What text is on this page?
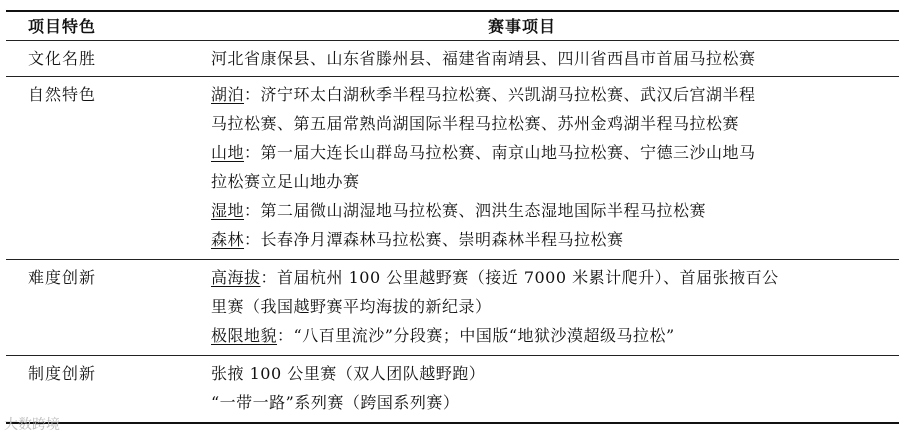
项目特色	赛事项目
文化名胜	河北省康保县、山东省滕州县、福建省南靖县、四川省西昌市首届马拉松赛
自然特色	湖泊：济宁环太白湖秋季半程马拉松赛、兴凯湖马拉松赛、武汉后宫湖半程
马拉松赛、第五届常熟尚湖国际半程马拉松赛、苏州金鸡湖半程马拉松赛
山地：第一届大连长山群岛马拉松赛、南京山地马拉松赛、宁德三沙山地马
拉松赛立足山地办赛
湿地：第二届微山湖湿地马拉松赛、泗洪生态湿地国际半程马拉松赛
森林：长春净月潭森林马拉松赛、崇明森林半程马拉松赛
难度创新	高海拔：首届杭州 100 公里越野赛（接近 7000 米累计爬升）、首届张掖百公
里赛（我国越野赛平均海拔的新纪录）
极限地貌：“八百里流沙”分段赛；中国版“地狱沙漠超级马拉松”
制度创新	张掖 100 公里赛（双人团队越野跑）
“一带一路”系列赛（跨国系列赛）
大数跨境
